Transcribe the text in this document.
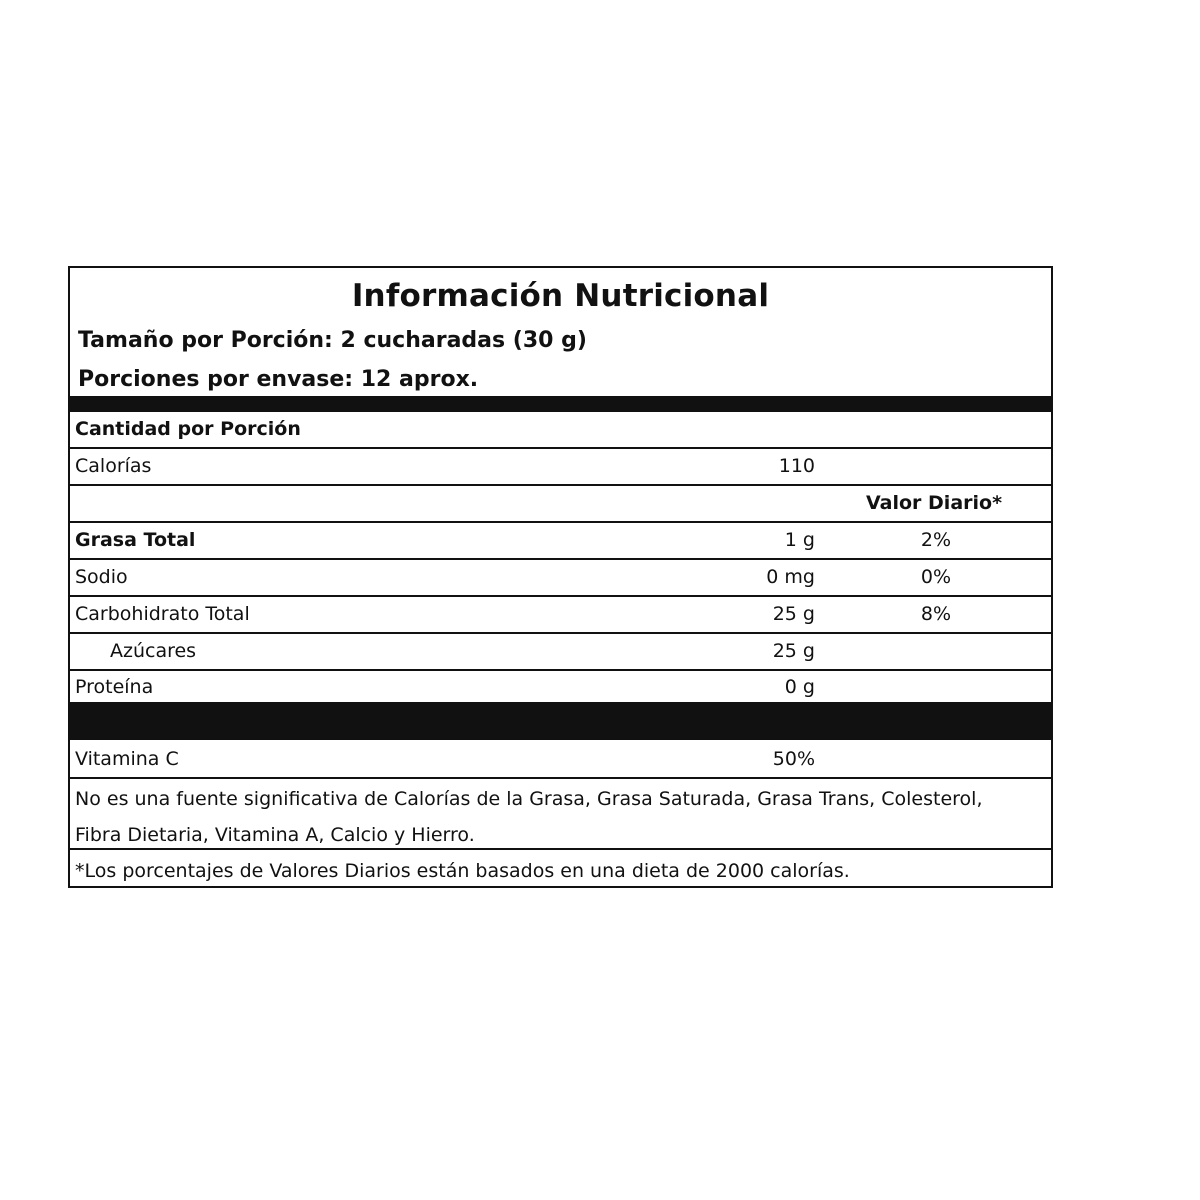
Información Nutricional
Tamaño por Porción: 2 cucharadas (30 g)
Porciones por envase: 12 aprox.
Cantidad por Porción
Calorías	110
Valor Diario*
Grasa Total	1 g	2%
Sodio	0 mg	0%
Carbohidrato Total	25 g	8%
Azúcares	25 g
Proteína	0 g
Vitamina C	50%
No es una fuente significativa de Calorías de la Grasa, Grasa Saturada, Grasa Trans, Colesterol, Fibra Dietaria, Vitamina A, Calcio y Hierro.
*Los porcentajes de Valores Diarios están basados en una dieta de 2000 calorías.
